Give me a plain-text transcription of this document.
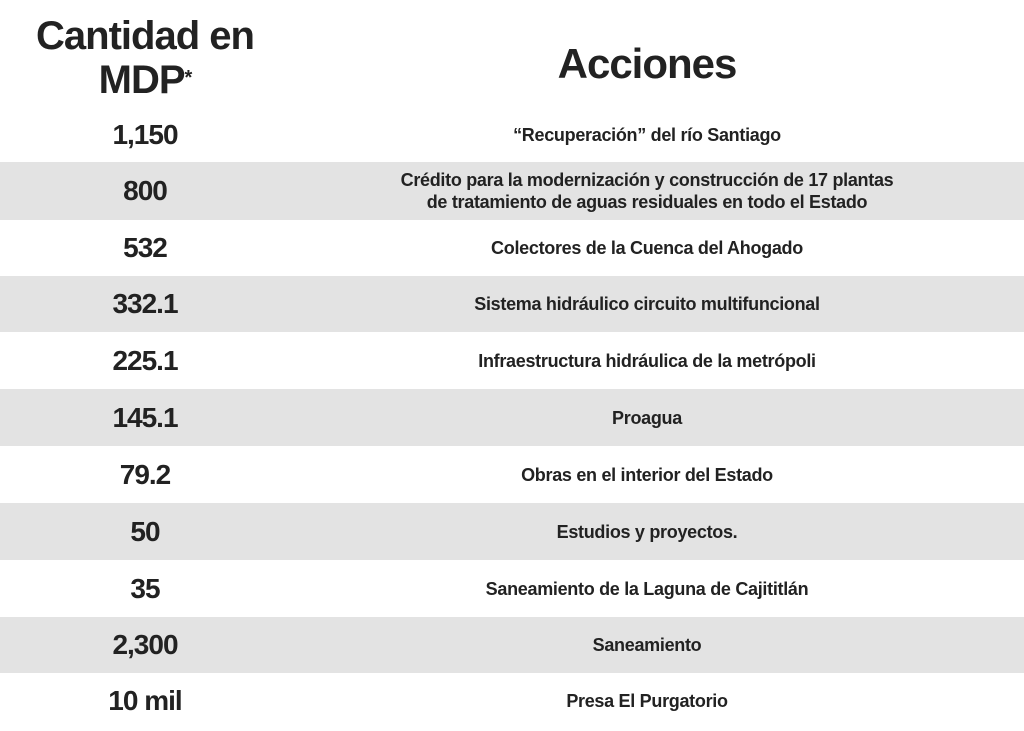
Cantidad en MDP*	Acciones
1,150	“Recuperación” del río Santiago
800	Crédito para la modernización y construcción de 17 plantas
de tratamiento de aguas residuales en todo el Estado
532	Colectores de la Cuenca del Ahogado
332.1	Sistema hidráulico circuito multifuncional
225.1	Infraestructura hidráulica de la metrópoli
145.1	Proagua
79.2	Obras en el interior del Estado
50	Estudios y proyectos.
35	Saneamiento de la Laguna de Cajititlán
2,300	Saneamiento
10 mil	Presa El Purgatorio
